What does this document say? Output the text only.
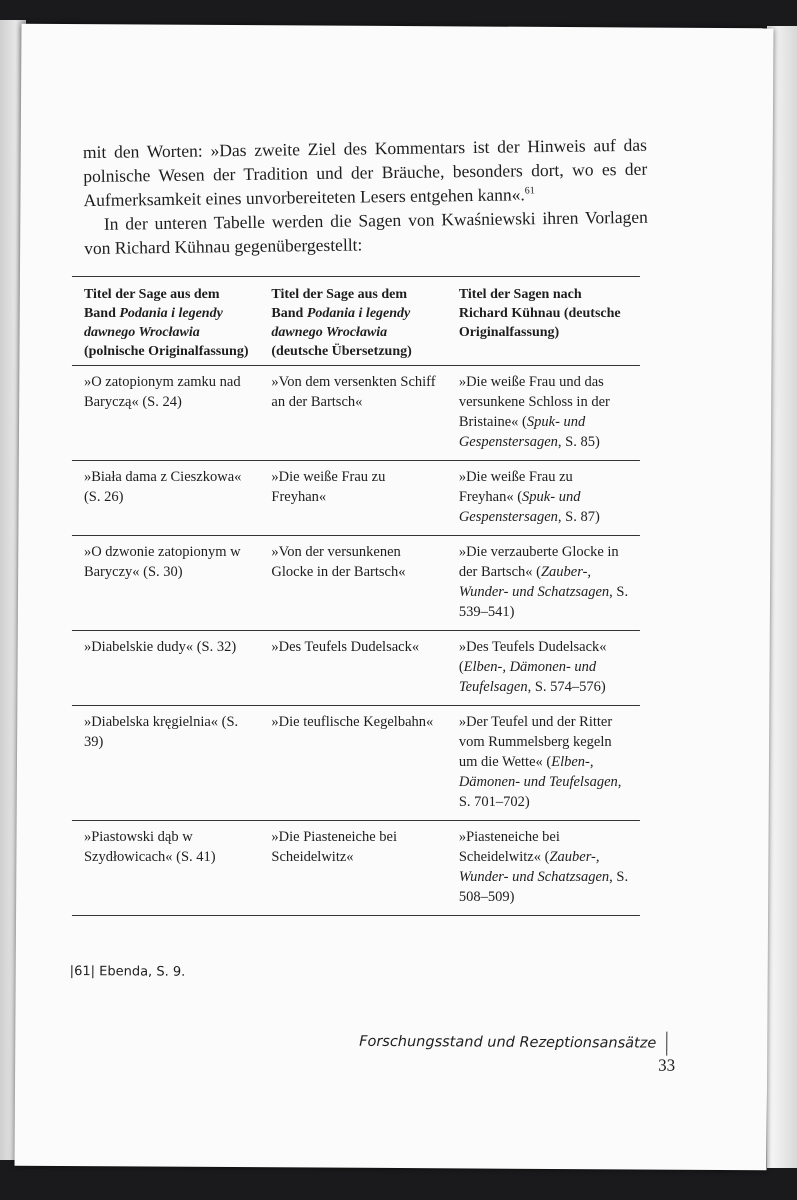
mit den Worten: »Das zweite Ziel des Kommentars ist der Hinweis auf das polnische Wesen der Tradition und der Bräuche, besonders dort, wo es der Aufmerksamkeit eines unvorbereiteten Lesers entgehen kann«.$^{61}$

In der unteren Tabelle werden die Sagen von Kwaśniewski ihren Vorlagen von Richard Kühnau gegenübergestellt:

Titel der Sage aus dem Band Podania i legendy dawnego Wrocławia (polnische Originalfassung)	Titel der Sage aus dem Band Podania i legendy dawnego Wrocławia (deutsche Übersetzung)	Titel der Sagen nach Richard Kühnau (deutsche Originalfassung)
»O zatopionym zamku nad Baryczą« (S. 24)	»Von dem versenkten Schiff an der Bartsch«	»Die weiße Frau und das versunkene Schloss in der Bristaine« (Spuk- und Gespenstersagen, S. 85)
»Biała dama z Cieszkowa« (S. 26)	»Die weiße Frau zu Freyhan«	»Die weiße Frau zu Freyhan« (Spuk- und Gespenstersagen, S. 87)
»O dzwonie zatopionym w Baryczy« (S. 30)	»Von der versunkenen Glocke in der Bartsch«	»Die verzauberte Glocke in der Bartsch« (Zauber-, Wunder- und Schatzsagen, S. 539–541)
»Diabelskie dudy« (S. 32)	»Des Teufels Dudelsack«	»Des Teufels Dudelsack« (Elben-, Dämonen- und Teufelsagen, S. 574–576)
»Diabelska kręgielnia« (S. 39)	»Die teuflische Kegelbahn«	»Der Teufel und der Ritter vom Rummelsberg kegeln um die Wette« (Elben-, Dämonen- und Teufelsagen, S. 701–702)
»Piastowski dąb w Szydłowicach« (S. 41)	»Die Piasteneiche bei Scheidelwitz«	»Piasteneiche bei Scheidelwitz« (Zauber-, Wunder- und Schatzsagen, S. 508–509)
|61| Ebenda, S. 9.
Forschungsstand und Rezeptionsansätze33
